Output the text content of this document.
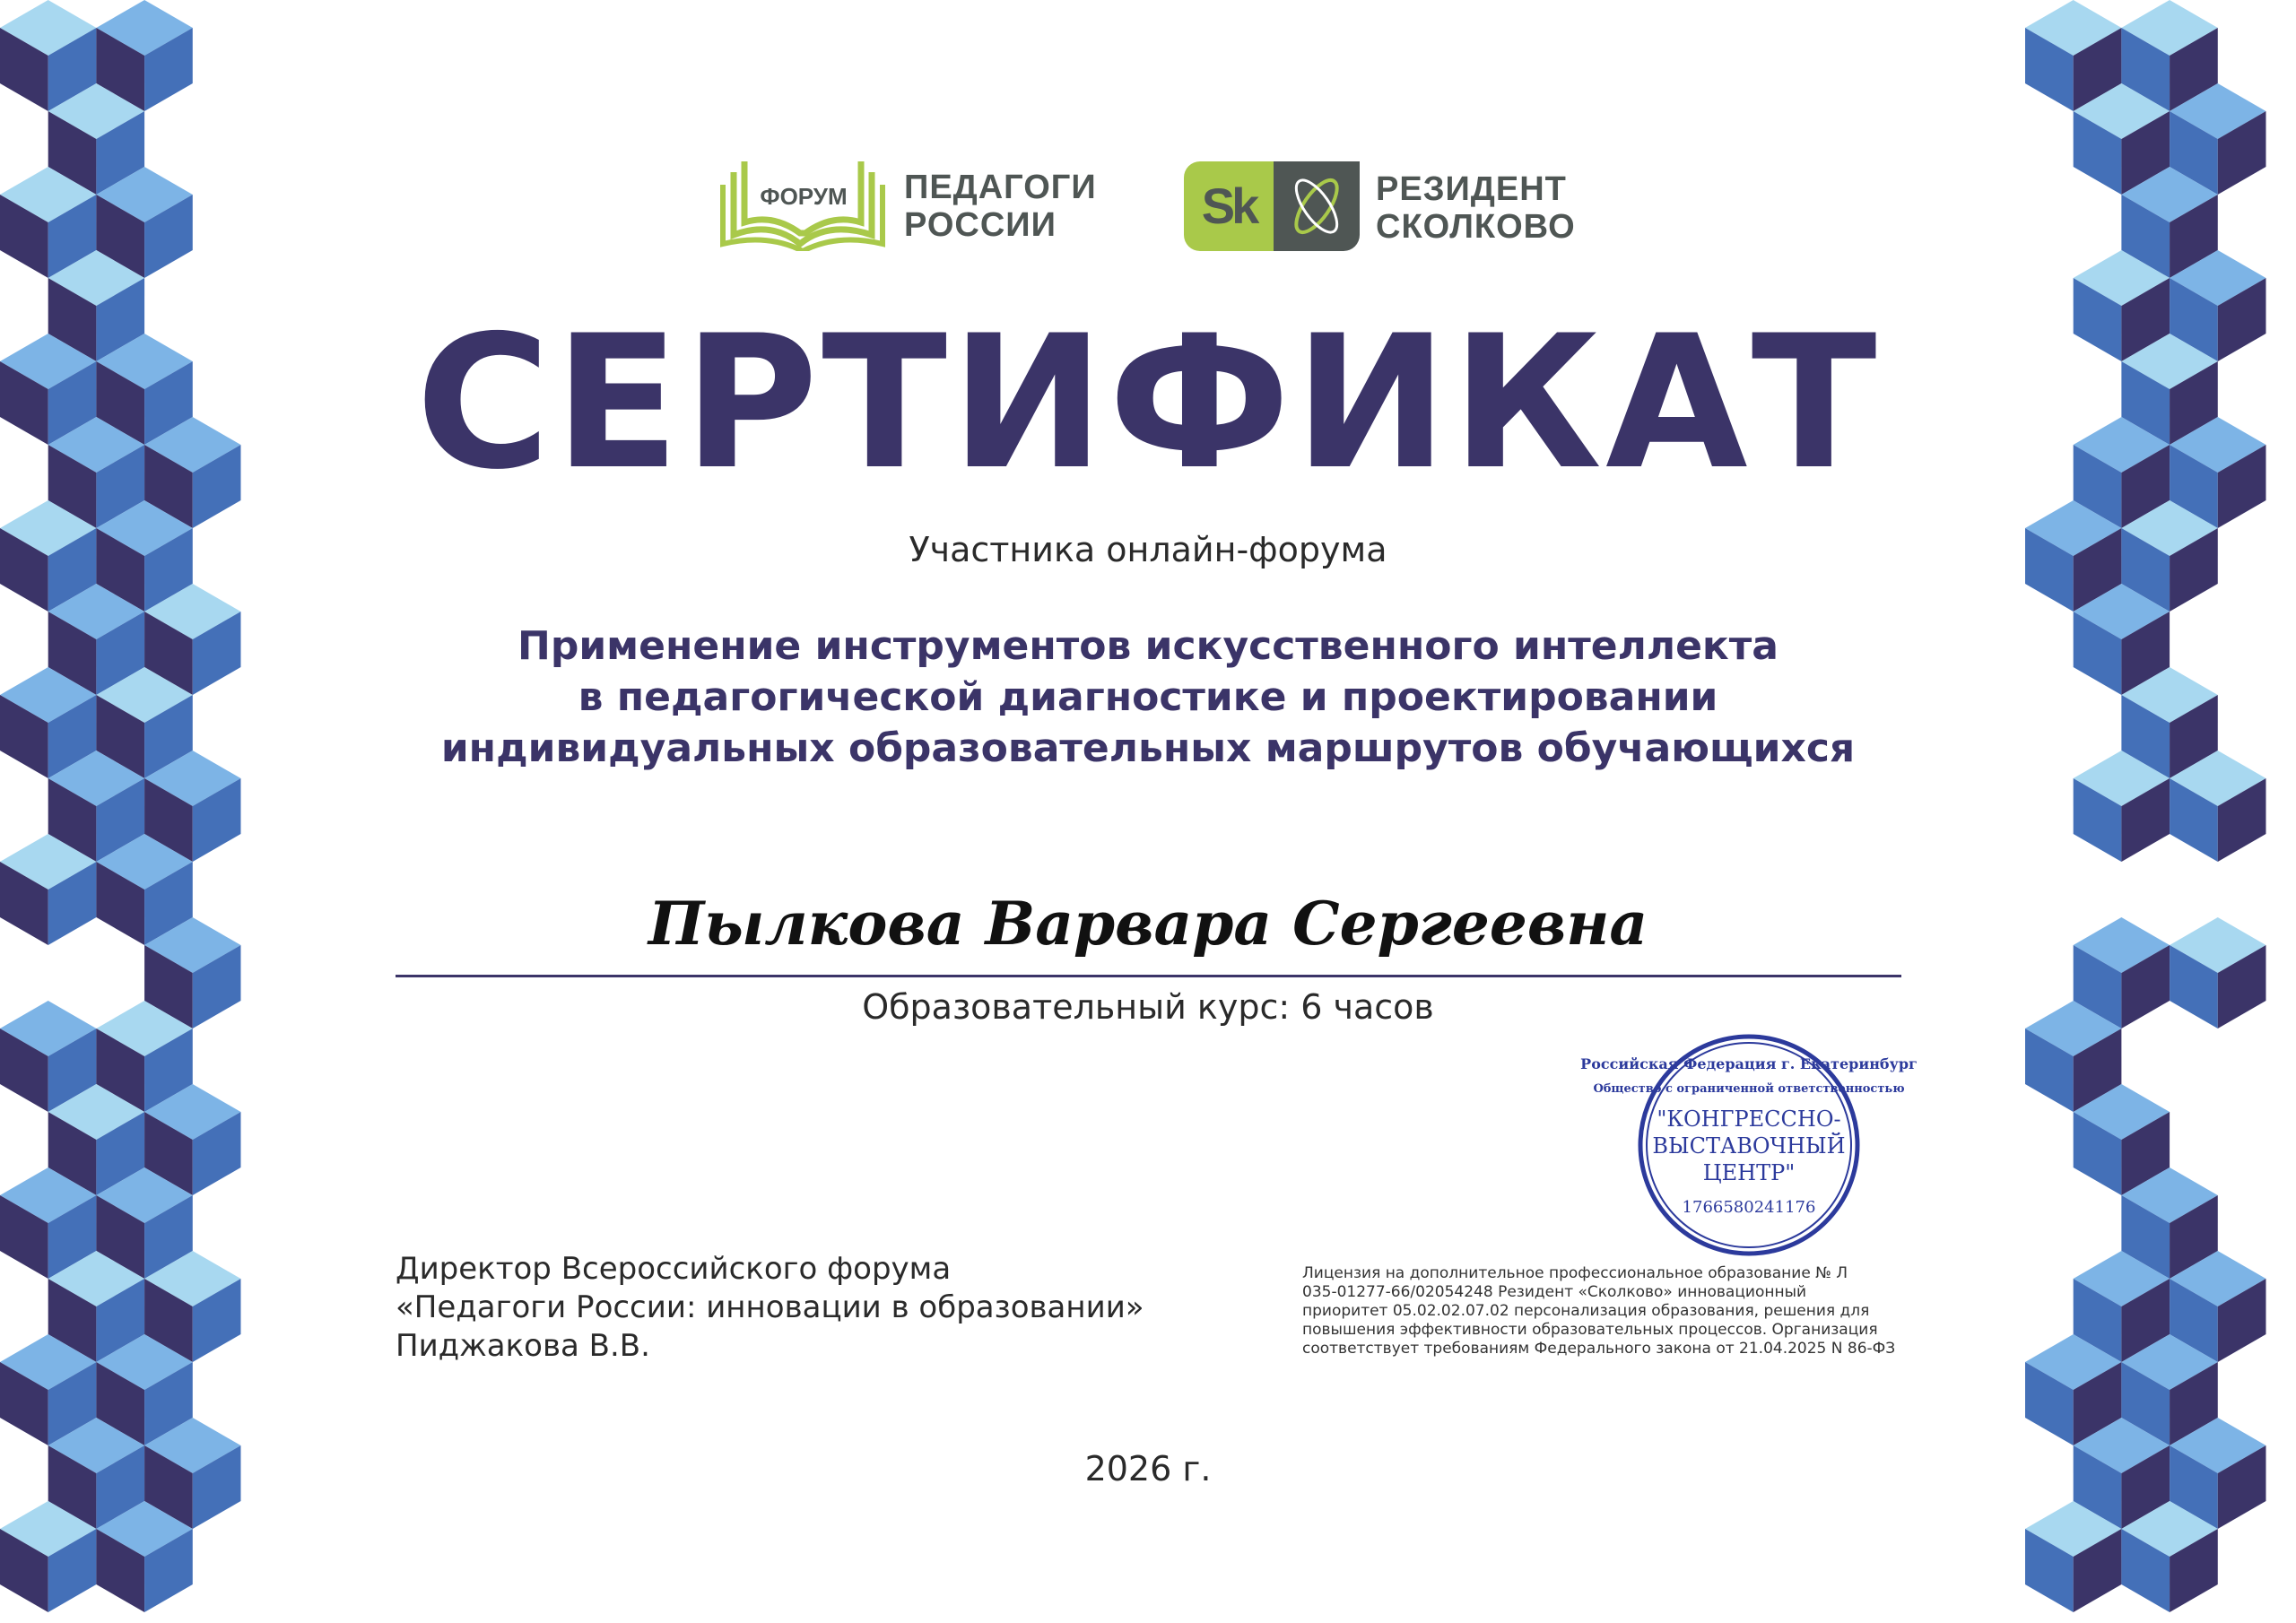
ФОРУМ ПЕДАГОГИ
РОССИИ	Sk	РЕЗИДЕНТ
СКОЛКОВО
СЕРТИФИКАТ
Участника онлайн-форума
Применение инструментов искусственного интеллекта
в педагогической диагностике и проектировании
индивидуальных образовательных маршрутов обучающихся
Пылкова Варвара Сергеевна
Образовательный курс: 6 часов
Директор Всероссийского форума
«Педагоги России: инновации в образовании»
Пиджакова В.В.
Лицензия на дополнительное профессиональное образование № Л
035-01277-66/02054248 Резидент «Сколково» инновационный
приоритет 05.02.02.07.02 персонализация образования, решения для
повышения эффективности образовательных процессов. Организация
соответствует требованиям Федерального закона от 21.04.2025 N 86-ФЗ
Российская Федерация г. Екатеринбург
Общество с ограниченной ответственностью
"КОНГРЕССНО-
ВЫСТАВОЧНЫЙ
ЦЕНТР"
1766580241176
2026 г.
